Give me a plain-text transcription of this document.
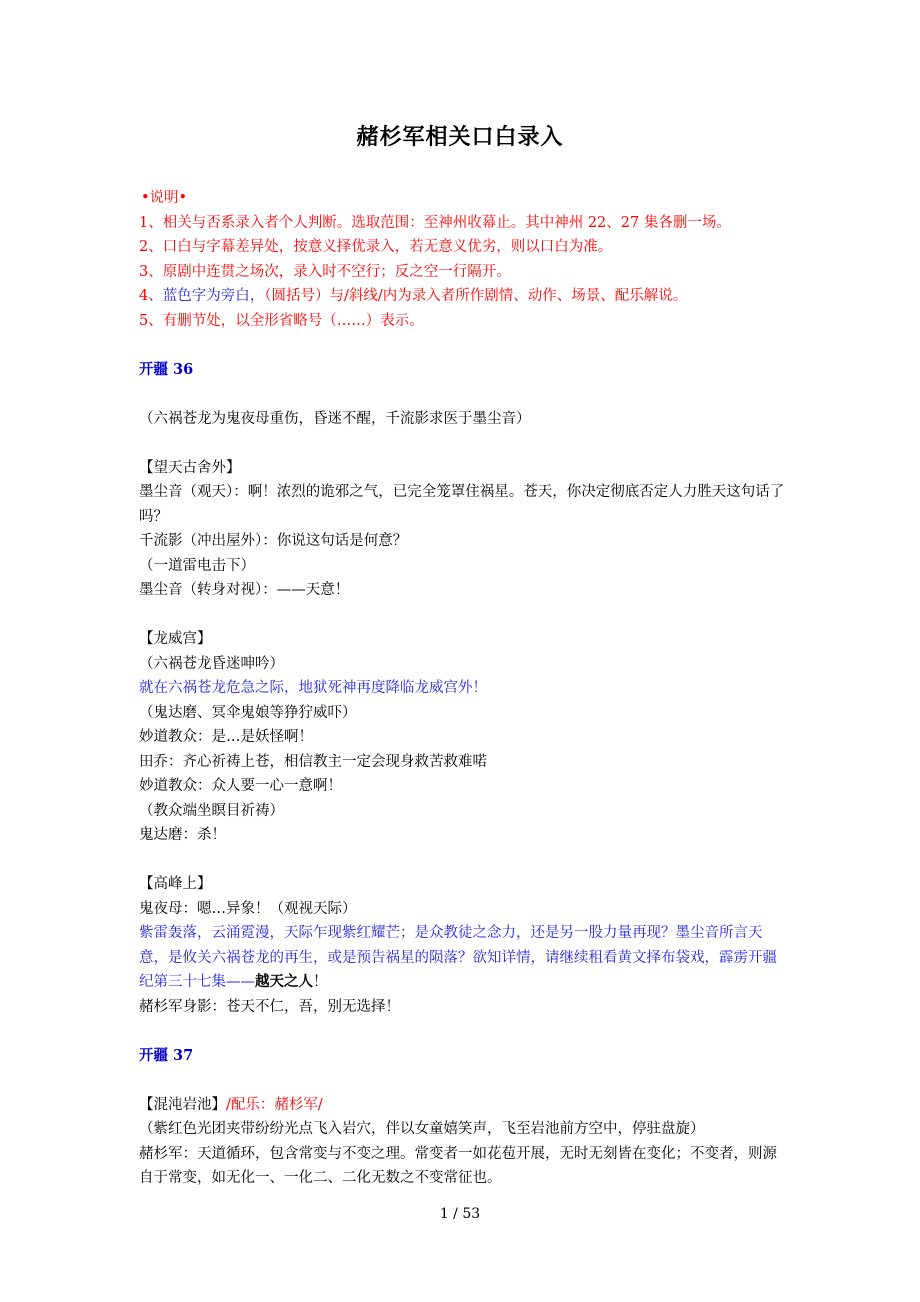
赭杉军相关口白录入
•说明•
1、相关与否系录入者个人判断。选取范围：至神州收幕止。其中神州 22、27 集各删一场。
2、口白与字幕差异处，按意义择优录入，若无意义优劣，则以口白为准。
3、原剧中连贯之场次，录入时不空行；反之空一行隔开。
4、蓝色字为旁白，（圆括号）与/斜线/内为录入者所作剧情、动作、场景、配乐解说。
5、有删节处，以全形省略号（……）表示。
开疆 36
（六祸苍龙为鬼夜母重伤，昏迷不醒，千流影求医于墨尘音）
【望天古舍外】
墨尘音（观天）：啊！浓烈的诡邪之气，已完全笼罩住祸星。苍天，你决定彻底否定人力胜天这句话了吗？
千流影（冲出屋外）：你说这句话是何意？
（一道雷电击下）
墨尘音（转身对视）：——天意！
【龙威宫】
（六祸苍龙昏迷呻吟）
就在六祸苍龙危急之际，地狱死神再度降临龙威宫外！
（鬼达磨、冥伞鬼娘等狰狞威吓）
妙道教众：是…是妖怪啊！
田乔：齐心祈祷上苍，相信教主一定会现身救苦救难喏
妙道教众：众人要一心一意啊！
（教众端坐瞑目祈祷）
鬼达磨：杀！
【高峰上】
鬼夜母：嗯…异象！（观视天际）
紫雷轰落，云涌霓漫，天际乍现紫红耀芒；是众教徒之念力，还是另一股力量再现？墨尘音所言天意，是攸关六祸苍龙的再生，或是预告祸星的陨落？欲知详情，请继续租看黄文择布袋戏，霹雳开疆纪第三十七集——越天之人！
赭杉军身影：苍天不仁，吾，别无选择！
开疆 37
【混沌岩池】/配乐：赭杉军/
（紫红色光团夹带纷纷光点飞入岩穴，伴以女童嬉笑声，飞至岩池前方空中，停驻盘旋）
赭杉军：天道循环，包含常变与不变之理。常变者一如花苞开展，无时无刻皆在变化；不变者，则源自于常变，如无化一、一化二、二化无数之不变常征也。
1 / 53
